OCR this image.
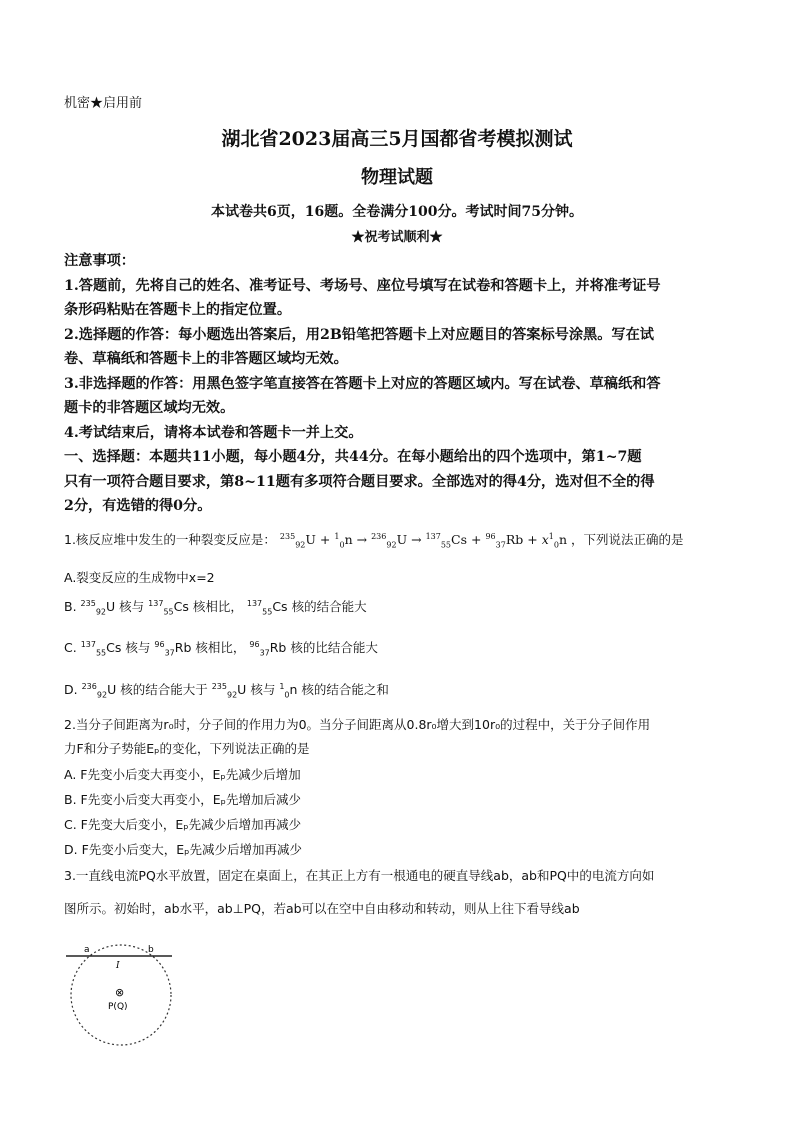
机密★启用前
湖北省2023届高三5月国都省考模拟测试
物理试题
本试卷共6页，16题。全卷满分100分。考试时间75分钟。
★祝考试顺利★
注意事项：
1.答题前，先将自己的姓名、准考证号、考场号、座位号填写在试卷和答题卡上，并将准考证号
条形码粘贴在答题卡上的指定位置。
2.选择题的作答：每小题选出答案后，用2B铅笔把答题卡上对应题目的答案标号涂黑。写在试
卷、草稿纸和答题卡上的非答题区域均无效。
3.非选择题的作答：用黑色签字笔直接答在答题卡上对应的答题区域内。写在试卷、草稿纸和答
题卡的非答题区域均无效。
4.考试结束后，请将本试卷和答题卡一并上交。
一、选择题：本题共11小题，每小题4分，共44分。在每小题给出的四个选项中，第1~7题
只有一项符合题目要求，第8~11题有多项符合题目要求。全部选对的得4分，选对但不全的得
2分，有选错的得0分。
1.核反应堆中发生的一种裂变反应是： $^{235}_{92}U + ^1_0n \to ^{236}_{92}U \to ^{137}_{55}Cs + ^{96}_{37}Rb + x^1_0n$ ，下列说法正确的是
A.裂变反应的生成物中x=2
B. $^{235}_{92}$U 核与 $^{137}_{55}$Cs 核相比， $^{137}_{55}$Cs 核的结合能大
C. $^{137}_{55}$Cs 核与 $^{96}_{37}$Rb 核相比， $^{96}_{37}$Rb 核的比结合能大
D. $^{236}_{92}$U 核的结合能大于 $^{235}_{92}$U 核与 $^1_0$n 核的结合能之和
2.当分子间距离为r₀时，分子间的作用力为0。当分子间距离从0.8r₀增大到10r₀的过程中，关于分子间作用
力F和分子势能Eₚ的变化，下列说法正确的是
A. F先变小后变大再变小，Eₚ先减少后增加
B. F先变小后变大再变小，Eₚ先增加后减少
C. F先变大后变小，Eₚ先减少后增加再减少
D. F先变小后变大，Eₚ先减少后增加再减少
3.一直线电流PQ水平放置，固定在桌面上，在其正上方有一根通电的硬直导线ab，ab和PQ中的电流方向如
图所示。初始时，ab水平，ab⊥PQ，若ab可以在空中自由移动和转动，则从上往下看导线ab
a	b
I
⊗
P(Q)
